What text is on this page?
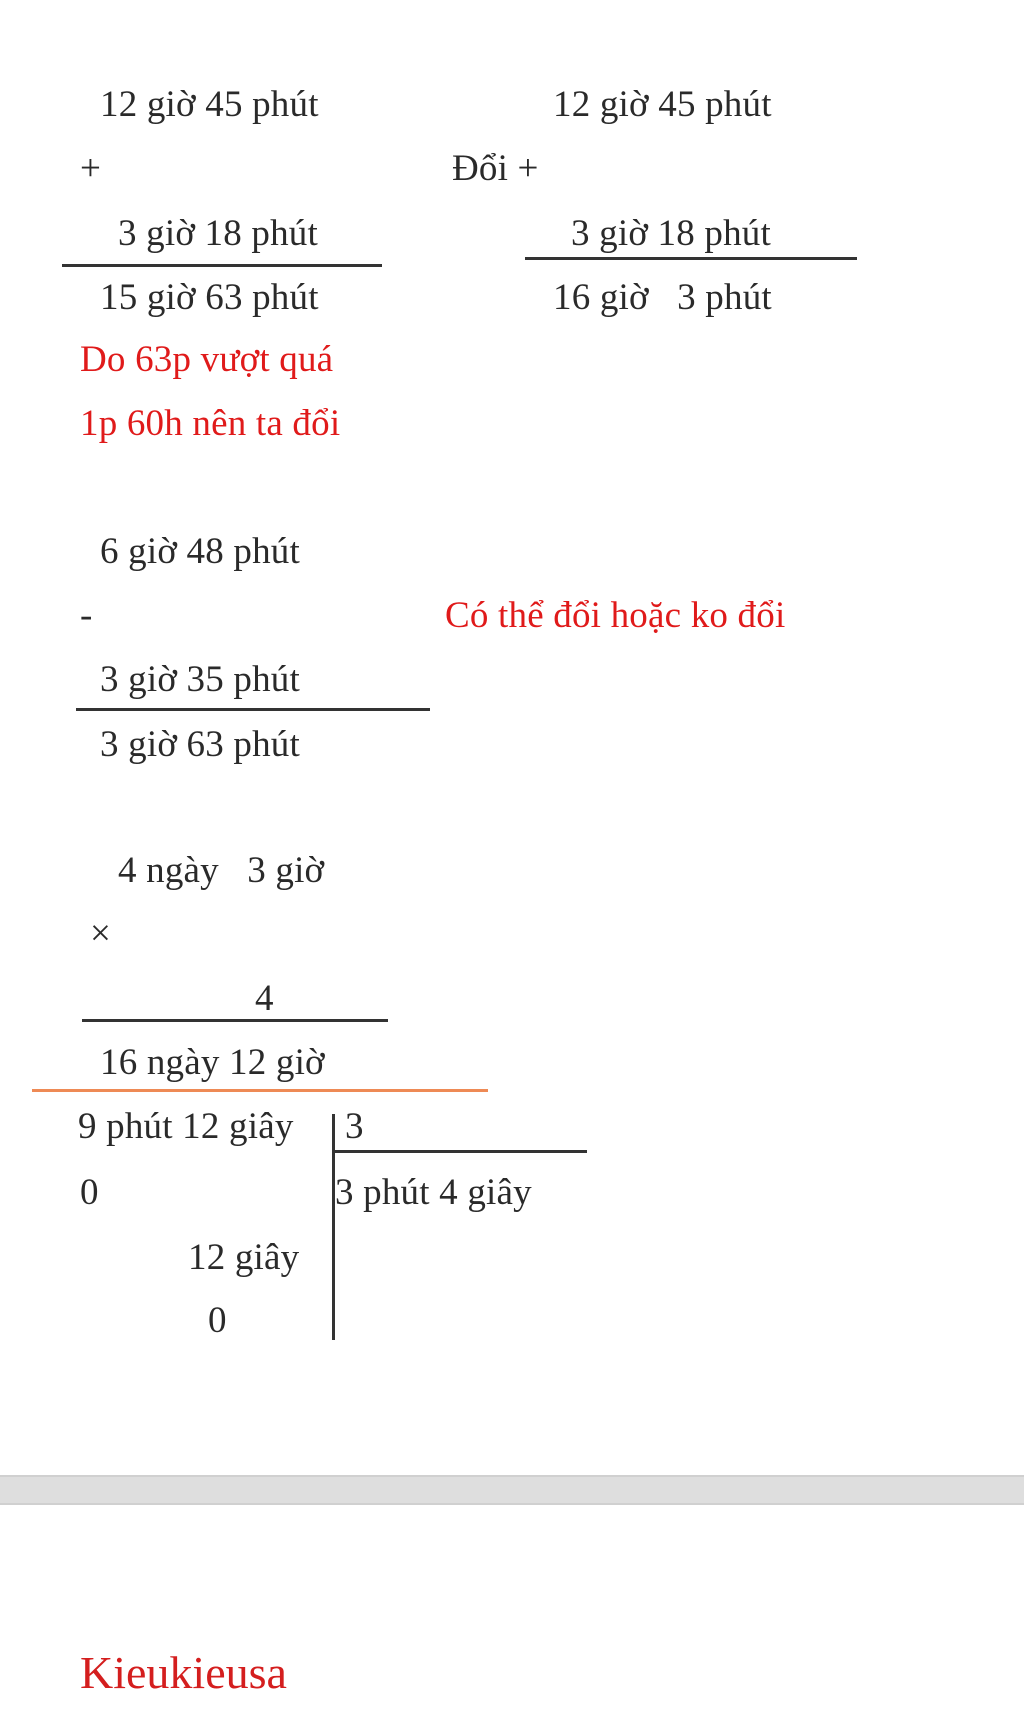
12 giờ 45 phút
+
3 giờ 18 phút
15 giờ 63 phút
Do 63p vượt quá
1p 60h nên ta đổi
12 giờ 45 phút
Đổi +
3 giờ 18 phút
16 giờ   3 phút
6 giờ 48 phút
-	Có thể đổi hoặc ko đổi
3 giờ 35 phút
3 giờ 63 phút
4 ngày   3 giờ
×
4
16 ngày 12 giờ
9 phút 12 giây 3
3 phút 4 giây
0
12 giây
0
Kieukieusa
